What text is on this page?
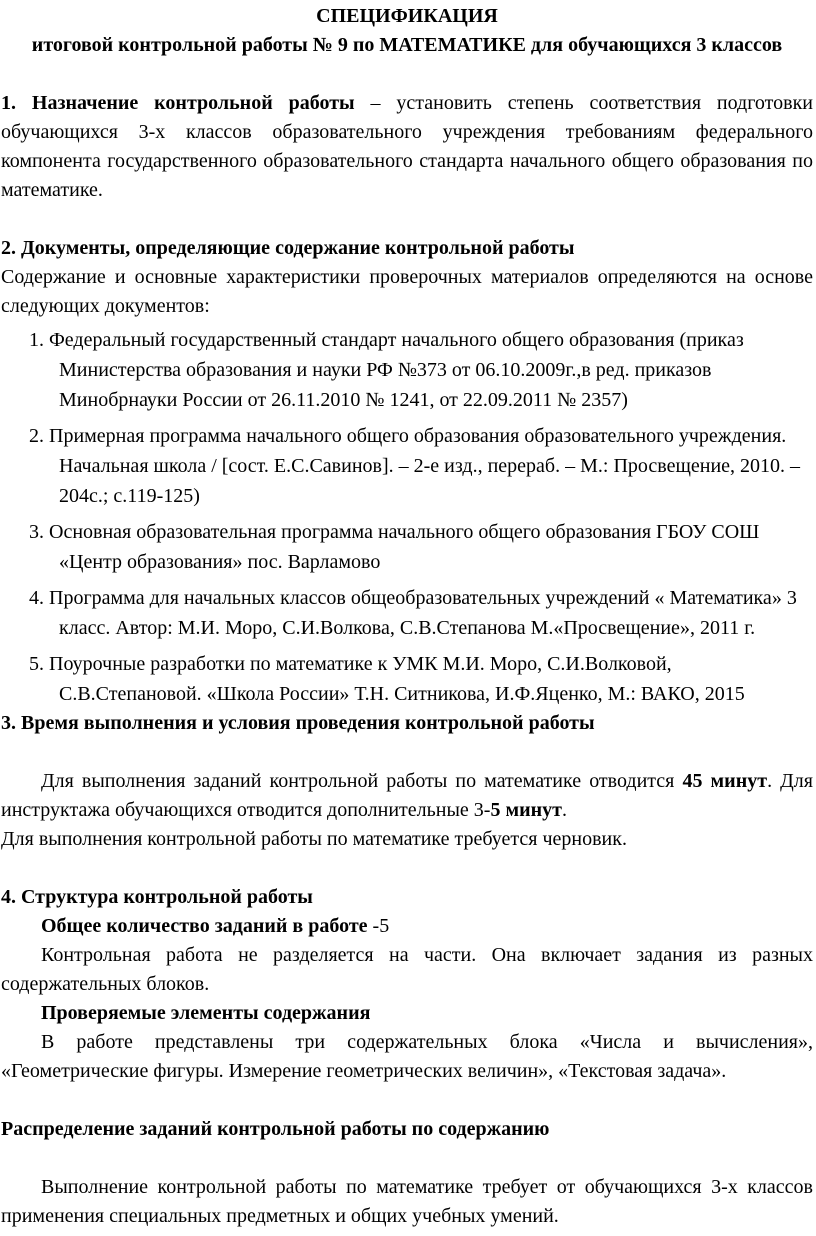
СПЕЦИФИКАЦИЯ

итоговой контрольной работы № 9 по МАТЕМАТИКЕ для обучающихся 3 классов

1. Назначение контрольной работы – установить степень соответствия подготовки обучающихся 3-х классов образовательного учреждения требованиям федерального компонента государственного образовательного стандарта начального общего образования по математике.

2. Документы, определяющие содержание контрольной работы

Содержание и основные характеристики проверочных материалов определяются на основе следующих документов:

1. Федеральный государственный стандарт начального общего образования (приказ Министерства образования и науки РФ №373 от 06.10.2009г.,в ред. приказов Минобрнауки России от 26.11.2010 № 1241, от 22.09.2011 № 2357)
2. Примерная программа начального общего образования образовательного учреждения. Начальная школа / [сост. Е.С.Савинов]. – 2-е изд., перераб. – М.: Просвещение, 2010. – 204с.; с.119-125)
3. Основная образовательная программа начального общего образования ГБОУ СОШ «Центр образования» пос. Варламово
4. Программа для начальных классов общеобразовательных учреждений « Математика» 3 класс. Автор: М.И. Моро, С.И.Волкова, С.В.Степанова М.«Просвещение», 2011 г.
5. Поурочные разработки по математике к УМК М.И. Моро, С.И.Волковой, С.В.Степановой. «Школа России» Т.Н. Ситникова, И.Ф.Яценко, М.: ВАКО, 2015

3. Время выполнения и условия проведения контрольной работы

Для выполнения заданий контрольной работы по математике отводится 45 минут. Для инструктажа обучающихся отводится дополнительные 3-5 минут.

Для выполнения контрольной работы по математике требуется черновик.

4. Структура контрольной работы

Общее количество заданий в работе -5

Контрольная работа не разделяется на части. Она включает задания из разных содержательных блоков.

Проверяемые элементы содержания

В работе представлены три содержательных блока «Числа и вычисления», «Геометрические фигуры. Измерение геометрических величин», «Текстовая задача».

Распределение заданий контрольной работы по содержанию

Выполнение контрольной работы по математике требует от обучающихся 3-х классов применения специальных предметных и общих учебных умений.
